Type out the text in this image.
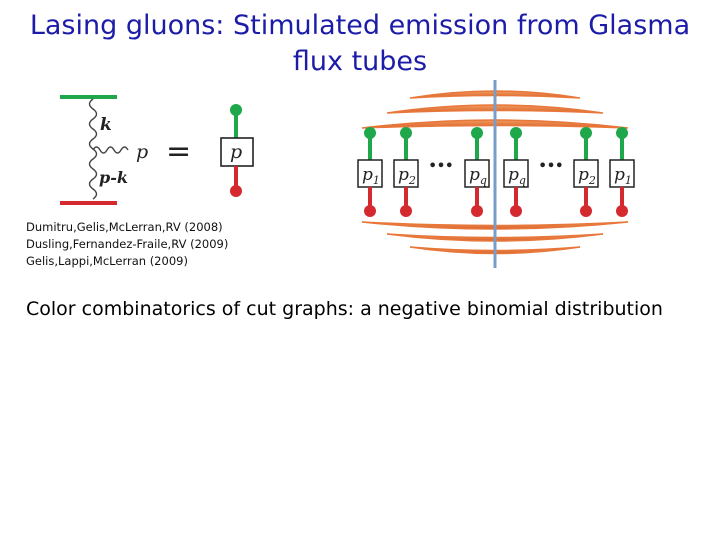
Lasing gluons: Stimulated emission from Glasma
flux tubes
k
p
p-k
= p
$p_1$ $p_2$	$p_q$ $p_q$	$p_2$ $p_1$
•••	•••
Dumitru,Gelis,McLerran,RV (2008)
Dusling,Fernandez-Fraile,RV (2009)
Gelis,Lappi,McLerran (2009)
Color combinatorics of cut graphs: a negative binomial distribution
